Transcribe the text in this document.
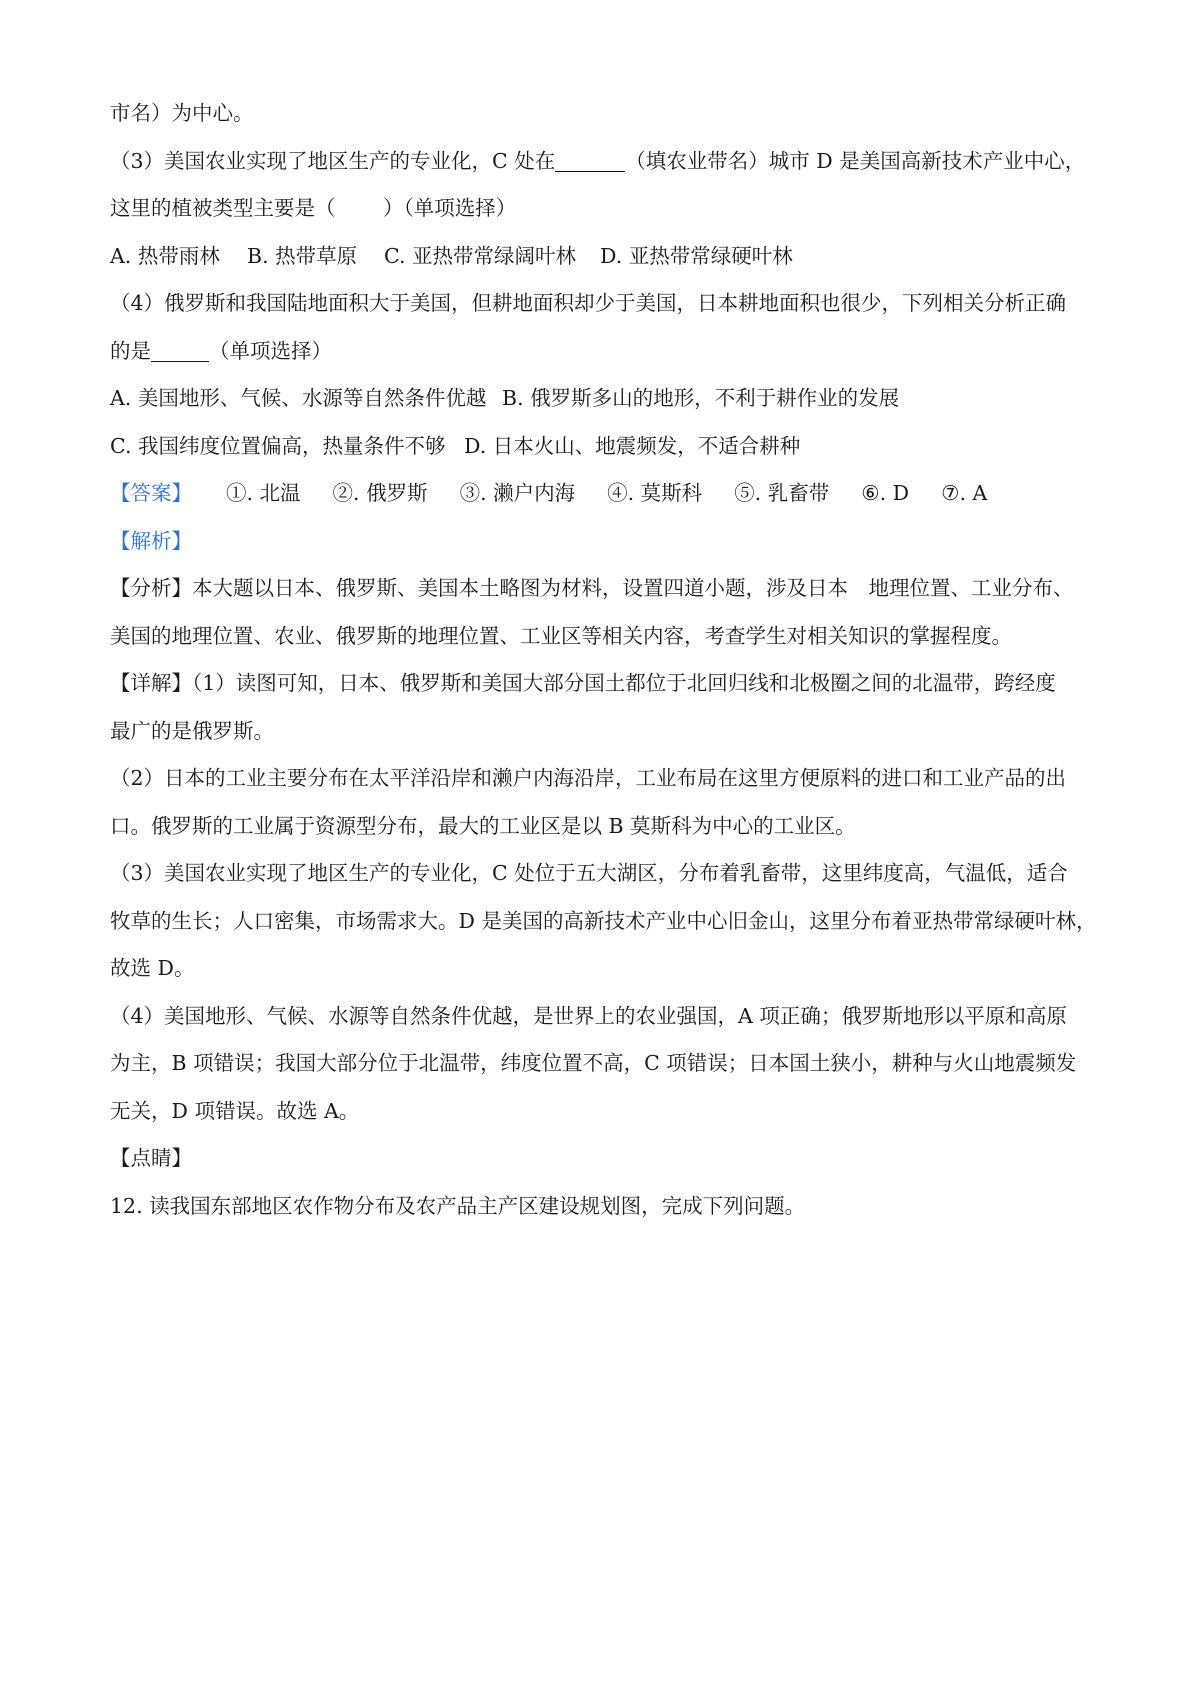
市名）为中心。
（3）美国农业实现了地区生产的专业化，C 处在	（填农业带名）城市 D 是美国高新技术产业中心，
这里的植被类型主要是（　　 ）（单项选择）
A. 热带雨林 B. 热带草原 C. 亚热带常绿阔叶林 D. 亚热带常绿硬叶林
（4）俄罗斯和我国陆地面积大于美国，但耕地面积却少于美国，日本耕地面积也很少，下列相关分析正确
的是	（单项选择）
A. 美国地形、气候、水源等自然条件优越 B. 俄罗斯多山的地形，不利于耕作业的发展
C. 我国纬度位置偏高，热量条件不够 D. 日本火山、地震频发，不适合耕种
【答案】 ①. 北温 ②. 俄罗斯 ③. 濑户内海 ④. 莫斯科 ⑤. 乳畜带 ⑥. D ⑦. A
【解析】
【分析】本大题以日本、俄罗斯、美国本土略图为材料，设置四道小题，涉及日本　地理位置、工业分布、
美国的地理位置、农业、俄罗斯的地理位置、工业区等相关内容，考查学生对相关知识的掌握程度。
【详解】（1）读图可知，日本、俄罗斯和美国大部分国土都位于北回归线和北极圈之间的北温带，跨经度
最广的是俄罗斯。
（2）日本的工业主要分布在太平洋沿岸和濑户内海沿岸，工业布局在这里方便原料的进口和工业产品的出
口。俄罗斯的工业属于资源型分布，最大的工业区是以 B 莫斯科为中心的工业区。
（3）美国农业实现了地区生产的专业化，C 处位于五大湖区，分布着乳畜带，这里纬度高，气温低，适合
牧草的生长；人口密集，市场需求大。D 是美国的高新技术产业中心旧金山，这里分布着亚热带常绿硬叶林，
故选 D。
（4）美国地形、气候、水源等自然条件优越，是世界上的农业强国，A 项正确；俄罗斯地形以平原和高原
为主，B 项错误；我国大部分位于北温带，纬度位置不高，C 项错误；日本国土狭小，耕种与火山地震频发
无关，D 项错误。故选 A。
【点睛】
12. 读我国东部地区农作物分布及农产品主产区建设规划图，完成下列问题。
